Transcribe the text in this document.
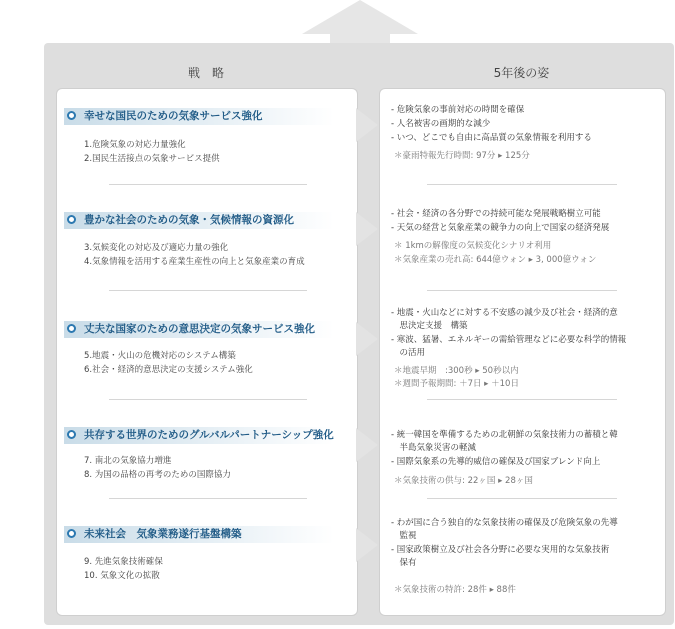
戦　略	5年後の姿
幸せな国民のための気象サービス強化
1.危険気象の対応力量強化
2.国民生活接点の気象サービス提供
- 危険気象の事前対応の時間を確保
- 人名被害の画期的な減少
- いつ、どこでも自由に高品質の気象情報を利用する
＊豪雨特報先行時間: 97分 ▸ 125分
豊かな社会のための気象・気候情報の資源化
3.気候変化の対応及び適応力量の強化
4.気象情報を活用する産業生産性の向上と気象産業の育成
- 社会・経済の各分野での持続可能な発展戦略樹立可能
- 天気の経営と気象産業の競争力の向上で国家の経済発展
＊ 1kmの解像度の気候変化シナリオ利用
＊気象産業の売れ高: 644億ウォン ▸ 3, 000億ウォン
丈夫な国家のための意思決定の気象サービス強化
5.地震・火山の危機対応のシステム構築
6.社会・経済的意思決定の支援システム強化
- 地震・火山などに対する不安感の減少及び社会・経済的意
　思決定支援　構築
- 寒波、猛暑、エネルギーの需給管理などに必要な科学的情報
　の活用
＊地震早期　:300秒 ▸ 50秒以内
＊週間予報期間: ＋7日 ▸ ＋10日
共存する世界のためのグルバルパートナーシップ強化
7. 南北の気象協力増進
8. 为国の品格の再考のための国際協力
- 統一韓国を準備するための北朝鮮の気象技術力の蓄積と韓
　半島気象災害の軽減
- 国際気象系の先導的威信の確保及び国家ブレンド向上
＊気象技術の供与: 22ヶ国 ▸ 28ヶ国
未来社会　気象業務遂行基盤構築
9. 先進気象技術確保
10. 気象文化の拡散
- わが国に合う独自的な気象技術の確保及び危険気象の先導
　監視
- 国家政策樹立及び社会各分野に必要な実用的な気象技術
　保有
＊気象技術の特許: 28件 ▸ 88件
